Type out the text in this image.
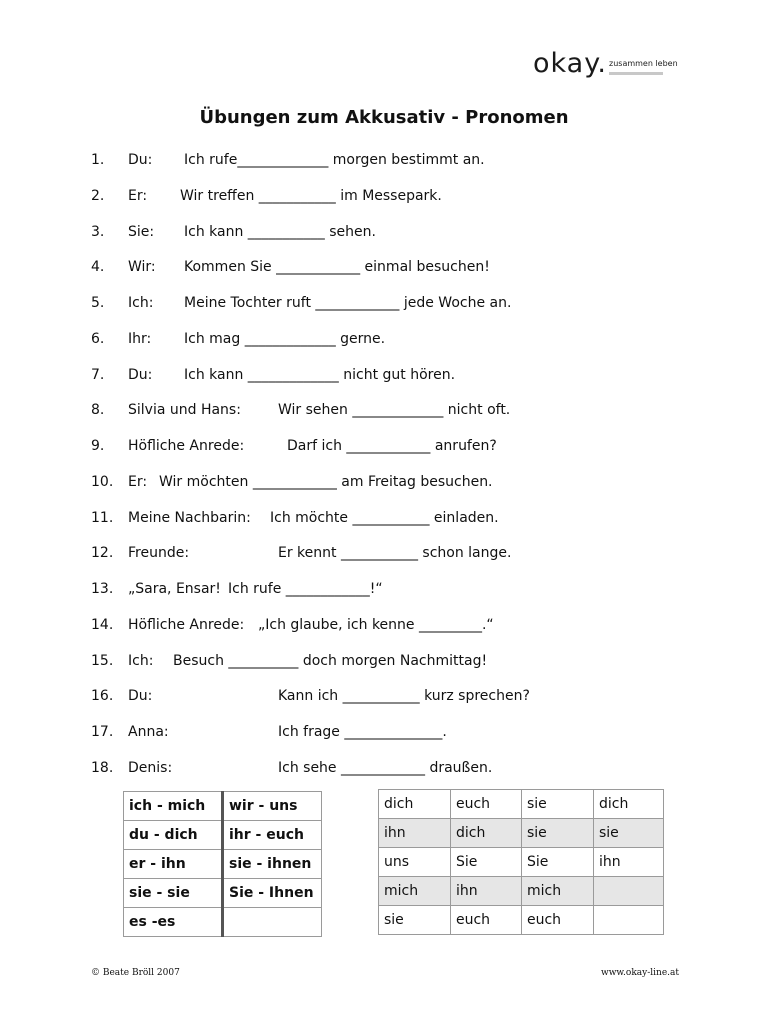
okay. zusammen leben
Übungen zum Akkusativ - Pronomen
1. Du: Ich rufe_____________ morgen bestimmt an.
2. Er: Wir treffen ___________ im Messepark.
3. Sie: Ich kann ___________ sehen.
4. Wir: Kommen Sie ____________ einmal besuchen!
5. Ich: Meine Tochter ruft ____________ jede Woche an.
6. Ihr: Ich mag _____________ gerne.
7. Du: Ich kann _____________ nicht gut hören.
8. Silvia und Hans:	Wir sehen _____________ nicht oft.
9. Höfliche Anrede:	Darf ich ____________ anrufen?
10. Er: Wir möchten ____________ am Freitag besuchen.
11. Meine Nachbarin: Ich möchte ___________ einladen.
12. Freunde:	Er kennt ___________ schon lange.
13. „Sara, Ensar! Ich rufe ____________!“
14. Höfliche Anrede: „Ich glaube, ich kenne _________.“
15. Ich: Besuch __________ doch morgen Nachmittag!
16. Du:	Kann ich ___________ kurz sprechen?
17. Anna:	Ich frage ______________.
18. Denis:	Ich sehe ____________ draußen.
ich - mich	wir - uns
du - dich	ihr - euch
er - ihn	sie - ihnen
sie - sie	Sie - Ihnen
es -es	
dich	euch	sie	dich
ihn	dich	sie	sie
uns	Sie	Sie	ihn
mich	ihn	mich	
sie	euch	euch	
© Beate Bröll 2007	www.okay-line.at
